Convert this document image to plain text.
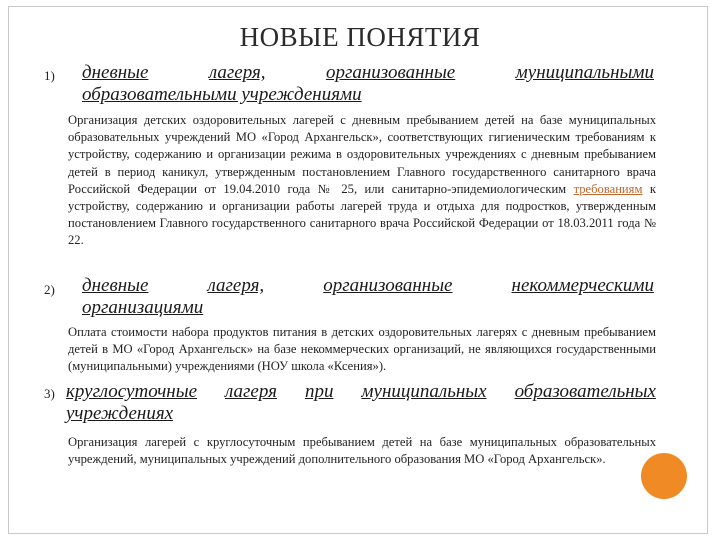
НОВЫЕ ПОНЯТИЯ
1) дневные	лагеря,	организованные	муниципальными
образовательными учреждениями
Организация детских оздоровительных лагерей с дневным пребыванием детей на базе муниципальных образовательных учреждений МО «Город Архангельск», соответствующих гигиеническим требованиям к устройству, содержанию и организации режима в оздоровительных учреждениях с дневным пребыванием детей в период каникул, утвержденным постановлением Главного государственного санитарного врача Российской Федерации от 19.04.2010 года № 25, или санитарно-эпидемиологическим требованиям к устройству, содержанию и организации работы лагерей труда и отдыха для подростков, утвержденным постановлением Главного государственного санитарного врача Российской Федерации от 18.03.2011 года № 22.
2) дневные	лагеря,	организованные	некоммерческими
организациями
Оплата стоимости набора продуктов питания в детских оздоровительных лагерях с дневным пребыванием детей в МО «Город Архангельск» на базе некоммерческих организаций, не являющихся государственными (муниципальными) учреждениями (НОУ школа «Ксения»).
3) круглосуточные лагеря при муниципальных образовательных
учреждениях
Организация лагерей с круглосуточным пребыванием детей на базе муниципальных образовательных учреждений, муниципальных учреждений дополнительного образования МО «Город Архангельск».
